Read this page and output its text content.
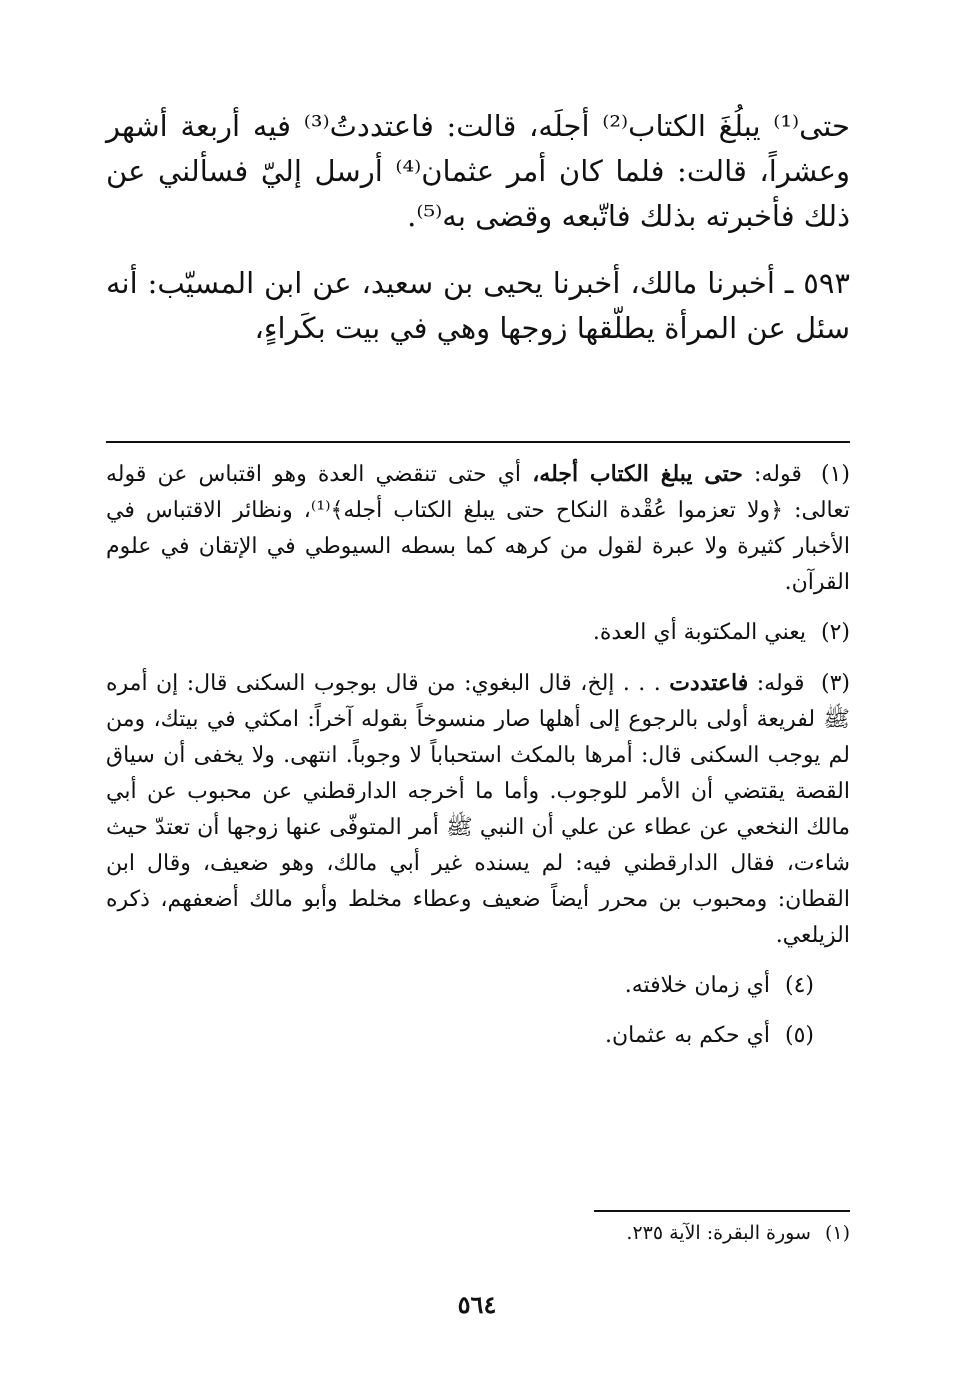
حتى⁽¹⁾ يبلُغَ الكتاب⁽²⁾ أجلَه، قالت: فاعتددتُ⁽³⁾ فيه أربعة أشهر وعشراً، قالت: فلما كان أمر عثمان⁽⁴⁾ أرسل إليّ فسألني عن ذلك فأخبرته بذلك فاتّبعه وقضى به⁽⁵⁾.

٥٩٣ ـ أخبرنا مالك، أخبرنا يحيى بن سعيد، عن ابن المسيّب: أنه سئل عن المرأة يطلّقها زوجها وهي في بيت بكَراءٍ،

(١) قوله: حتى يبلغ الكتاب أجله، أي حتى تنقضي العدة وهو اقتباس عن قوله تعالى: ﴿ولا تعزموا عُقْدة النكاح حتى يبلغ الكتاب أجله﴾⁽¹⁾، ونظائر الاقتباس في الأخبار كثيرة ولا عبرة لقول من كرهه كما بسطه السيوطي في الإتقان في علوم القرآن.

(٢) يعني المكتوبة أي العدة.

(٣) قوله: فاعتددت . . . إلخ، قال البغوي: من قال بوجوب السكنى قال: إن أمره ﷺ لفريعة أولى بالرجوع إلى أهلها صار منسوخاً بقوله آخراً: امكثي في بيتك، ومن لم يوجب السكنى قال: أمرها بالمكث استحباباً لا وجوباً. انتهى. ولا يخفى أن سياق القصة يقتضي أن الأمر للوجوب. وأما ما أخرجه الدارقطني عن محبوب عن أبي مالك النخعي عن عطاء عن علي أن النبي ﷺ أمر المتوفّى عنها زوجها أن تعتدّ حيث شاءت، فقال الدارقطني فيه: لم يسنده غير أبي مالك، وهو ضعيف، وقال ابن القطان: ومحبوب بن محرر أيضاً ضعيف وعطاء مخلط وأبو مالك أضعفهم، ذكره الزيلعي.

(٤) أي زمان خلافته.

(٥) أي حكم به عثمان.

(١) سورة البقرة: الآية ٢٣٥.
٥٦٤
